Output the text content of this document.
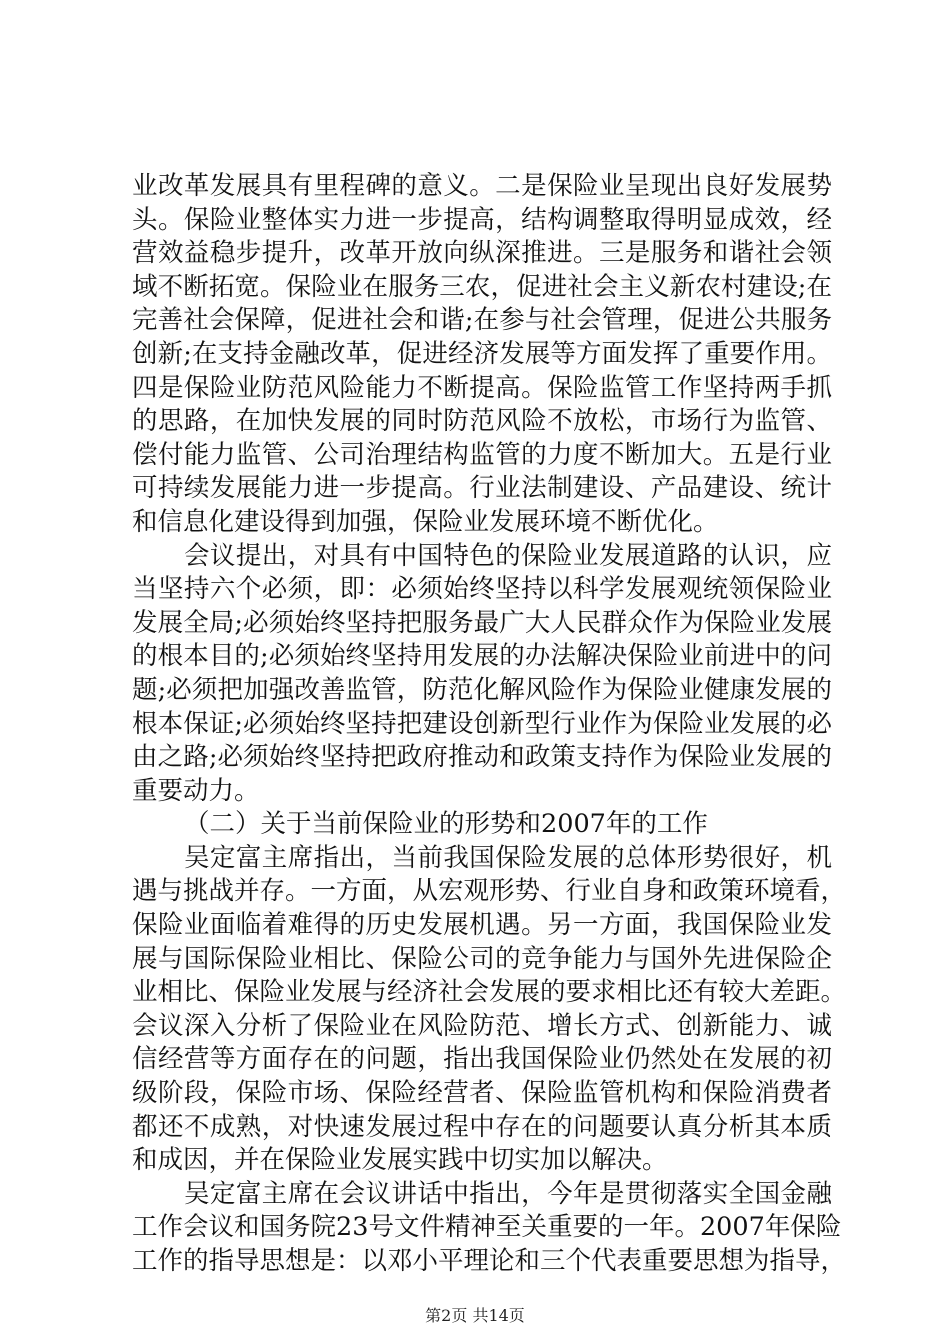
业改革发展具有里程碑的意义。二是保险业呈现出良好发展势
头。保险业整体实力进一步提高，结构调整取得明显成效，经
营效益稳步提升，改革开放向纵深推进。三是服务和谐社会领
域不断拓宽。保险业在服务三农，促进社会主义新农村建设;在
完善社会保障，促进社会和谐;在参与社会管理，促进公共服务
创新;在支持金融改革，促进经济发展等方面发挥了重要作用。
四是保险业防范风险能力不断提高。保险监管工作坚持两手抓
的思路，在加快发展的同时防范风险不放松，市场行为监管、
偿付能力监管、公司治理结构监管的力度不断加大。五是行业
可持续发展能力进一步提高。行业法制建设、产品建设、统计
和信息化建设得到加强，保险业发展环境不断优化。
会议提出，对具有中国特色的保险业发展道路的认识，应
当坚持六个必须，即：必须始终坚持以科学发展观统领保险业
发展全局;必须始终坚持把服务最广大人民群众作为保险业发展
的根本目的;必须始终坚持用发展的办法解决保险业前进中的问
题;必须把加强改善监管，防范化解风险作为保险业健康发展的
根本保证;必须始终坚持把建设创新型行业作为保险业发展的必
由之路;必须始终坚持把政府推动和政策支持作为保险业发展的
重要动力。
（二）关于当前保险业的形势和2007年的工作
吴定富主席指出，当前我国保险发展的总体形势很好，机
遇与挑战并存。一方面，从宏观形势、行业自身和政策环境看，
保险业面临着难得的历史发展机遇。另一方面，我国保险业发
展与国际保险业相比、保险公司的竞争能力与国外先进保险企
业相比、保险业发展与经济社会发展的要求相比还有较大差距。
会议深入分析了保险业在风险防范、增长方式、创新能力、诚
信经营等方面存在的问题，指出我国保险业仍然处在发展的初
级阶段，保险市场、保险经营者、保险监管机构和保险消费者
都还不成熟，对快速发展过程中存在的问题要认真分析其本质
和成因，并在保险业发展实践中切实加以解决。
吴定富主席在会议讲话中指出，今年是贯彻落实全国金融
工作会议和国务院23号文件精神至关重要的一年。2007年保险
工作的指导思想是：以邓小平理论和三个代表重要思想为指导，
第2页 共14页
